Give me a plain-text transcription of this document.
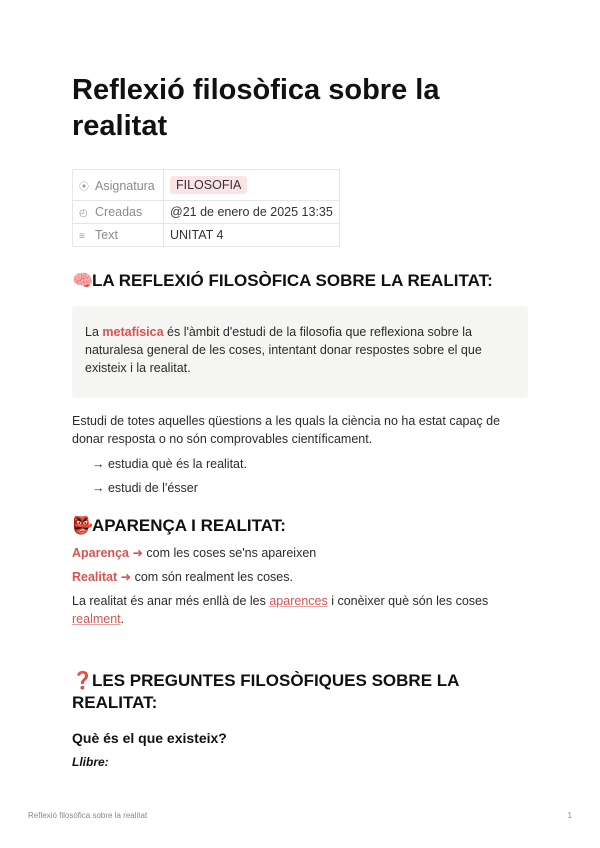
Reflexió filosòfica sobre la realitat
⦿ Asignatura	FILOSOFIA
◴ Creadas	@21 de enero de 2025 13:35
≡ Text	UNITAT 4
🧠LA REFLEXIÓ FILOSÒFICA SOBRE LA REALITAT:
La metafísica és l'àmbit d'estudi de la filosofia que reflexiona sobre la naturalesa general de les coses, intentant donar respostes sobre el que existeix i la realitat.
Estudi de totes aquelles qüestions a les quals la ciència no ha estat capaç de donar resposta o no són comprovables científicament.
→ estudia què és la realitat.
→ estudi de l'ésser
👺APARENÇA I REALITAT:
Aparença ➜ com les coses se'ns apareixen
Realitat ➜ com són realment les coses.
La realitat és anar més enllà de les aparences i conèixer què són les coses realment.
❓LES PREGUNTES FILOSÒFIQUES SOBRE LA REALITAT:
Què és el que existeix?
Llibre:
Reflexió filosòfica sobre la realitat	1
